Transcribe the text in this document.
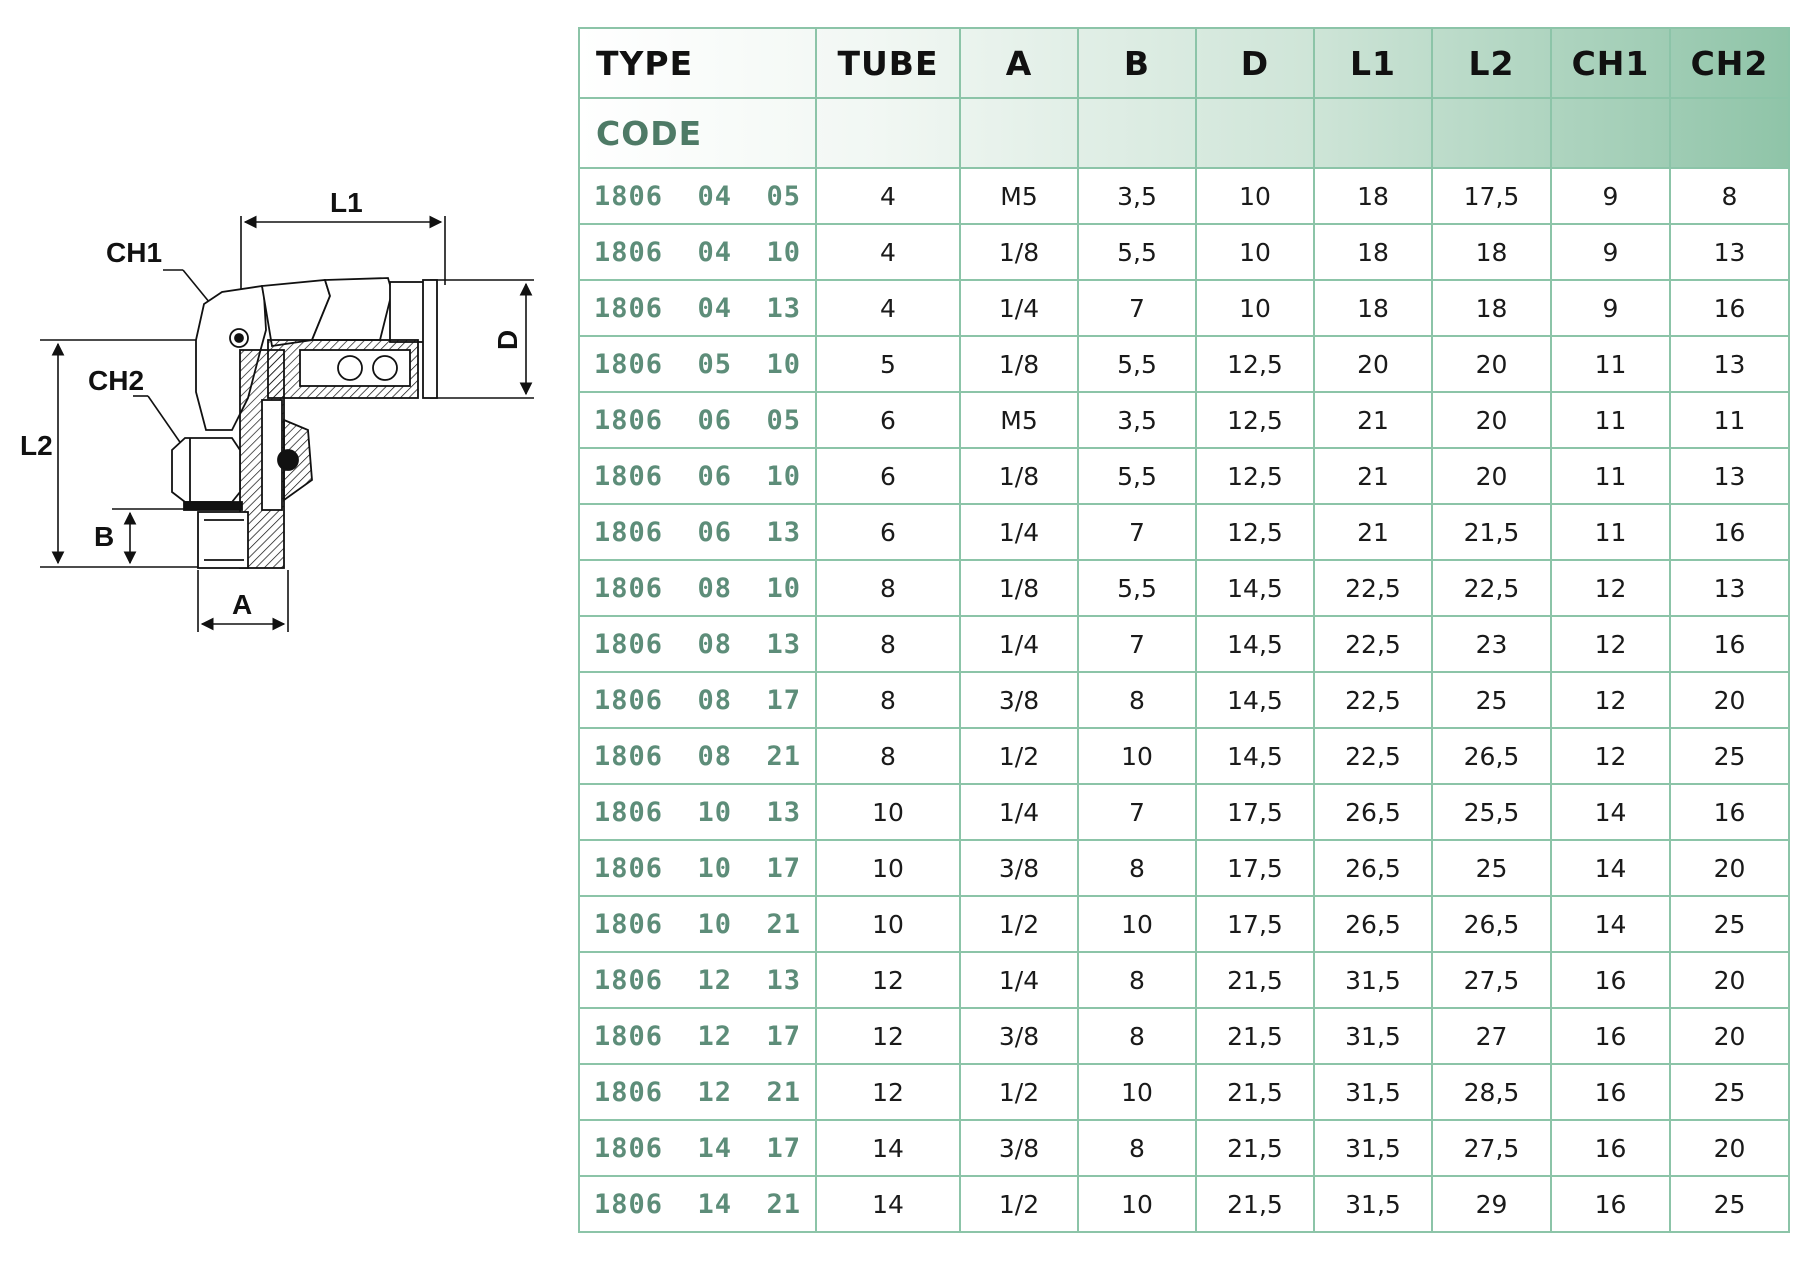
L1
CH1
CH2
L2
B
A
D
TYPE	TUBE	A	B	D	L1	L2	CH1	CH2
CODE								
1806  04  05	4	M5	3,5	10	18	17,5	9	8
1806  04  10	4	1/8	5,5	10	18	18	9	13
1806  04  13	4	1/4	7	10	18	18	9	16
1806  05  10	5	1/8	5,5	12,5	20	20	11	13
1806  06  05	6	M5	3,5	12,5	21	20	11	11
1806  06  10	6	1/8	5,5	12,5	21	20	11	13
1806  06  13	6	1/4	7	12,5	21	21,5	11	16
1806  08  10	8	1/8	5,5	14,5	22,5	22,5	12	13
1806  08  13	8	1/4	7	14,5	22,5	23	12	16
1806  08  17	8	3/8	8	14,5	22,5	25	12	20
1806  08  21	8	1/2	10	14,5	22,5	26,5	12	25
1806  10  13	10	1/4	7	17,5	26,5	25,5	14	16
1806  10  17	10	3/8	8	17,5	26,5	25	14	20
1806  10  21	10	1/2	10	17,5	26,5	26,5	14	25
1806  12  13	12	1/4	8	21,5	31,5	27,5	16	20
1806  12  17	12	3/8	8	21,5	31,5	27	16	20
1806  12  21	12	1/2	10	21,5	31,5	28,5	16	25
1806  14  17	14	3/8	8	21,5	31,5	27,5	16	20
1806  14  21	14	1/2	10	21,5	31,5	29	16	25
